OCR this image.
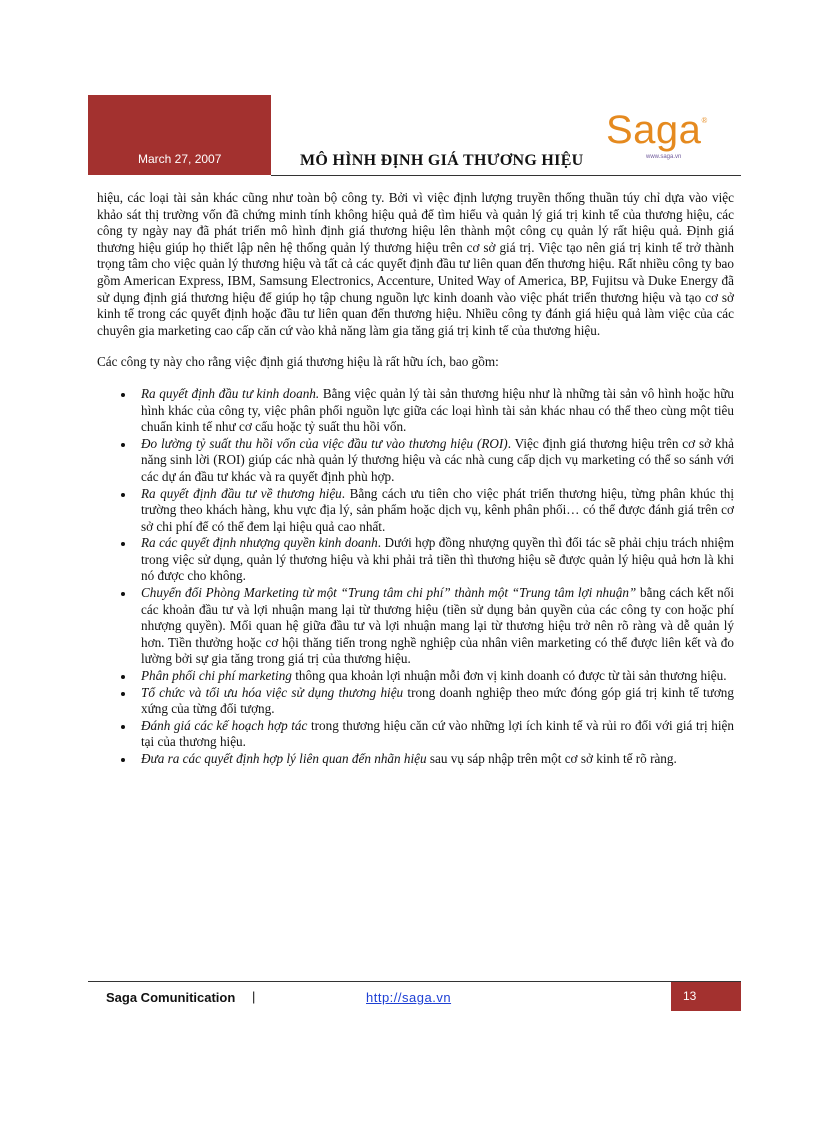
March 27, 2007	MÔ HÌNH ĐỊNH GIÁ THƯƠNG HIỆU
Saga®
www.saga.vn

hiệu, các loại tài sản khác cũng như toàn bộ công ty. Bởi vì việc định lượng truyền thống thuần túy chỉ dựa vào việc khảo sát thị trường vốn đã chứng minh tính không hiệu quả để tìm hiểu và quản lý giá trị kinh tế của thương hiệu, các công ty ngày nay đã phát triển mô hình định giá thương hiệu lên thành một công cụ quản lý rất hiệu quả. Định giá thương hiệu giúp họ thiết lập nên hệ thống quản lý thương hiệu trên cơ sở giá trị. Việc tạo nên giá trị kinh tế trở thành trọng tâm cho việc quản lý thương hiệu và tất cả các quyết định đầu tư liên quan đến thương hiệu. Rất nhiều công ty bao gồm American Express, IBM, Samsung Electronics, Accenture, United Way of America, BP, Fujitsu và Duke Energy đã sử dụng định giá thương hiệu để giúp họ tập chung nguồn lực kinh doanh vào việc phát triển thương hiệu và tạo cơ sở kinh tế trong các quyết định hoặc đầu tư liên quan đến thương hiệu. Nhiều công ty đánh giá hiệu quả làm việc của các chuyên gia marketing cao cấp căn cứ vào khả năng làm gia tăng giá trị kinh tế của thương hiệu.

Các công ty này cho rằng việc định giá thương hiệu là rất hữu ích, bao gồm:

• Ra quyết định đầu tư kinh doanh. Bằng việc quản lý tài sản thương hiệu như là những tài sản vô hình hoặc hữu hình khác của công ty, việc phân phối nguồn lực giữa các loại hình tài sản khác nhau có thể theo cùng một tiêu chuẩn kinh tế như cơ cấu hoặc tỷ suất thu hồi vốn.
• Đo lường tỷ suất thu hồi vốn của việc đầu tư vào thương hiệu (ROI). Việc định giá thương hiệu trên cơ sở khả năng sinh lời (ROI) giúp các nhà quản lý thương hiệu và các nhà cung cấp dịch vụ marketing có thể so sánh với các dự án đầu tư khác và ra quyết định phù hợp.
• Ra quyết định đầu tư về thương hiệu. Bằng cách ưu tiên cho việc phát triển thương hiệu, từng phân khúc thị trường theo khách hàng, khu vực địa lý, sản phẩm hoặc dịch vụ, kênh phân phối… có thể được đánh giá trên cơ sở chi phí để có thể đem lại hiệu quả cao nhất.
• Ra các quyết định nhượng quyền kinh doanh. Dưới hợp đồng nhượng quyền thì đối tác sẽ phải chịu trách nhiệm trong việc sử dụng, quản lý thương hiệu và khi phải trả tiền thì thương hiệu sẽ được quản lý hiệu quả hơn là khi nó được cho không.
• Chuyển đổi Phòng Marketing từ một “Trung tâm chi phí” thành một “Trung tâm lợi nhuận” bằng cách kết nối các khoản đầu tư và lợi nhuận mang lại từ thương hiệu (tiền sử dụng bản quyền của các công ty con hoặc phí nhượng quyền). Mối quan hệ giữa đầu tư và lợi nhuận mang lại từ thương hiệu trở nên rõ ràng và dễ quản lý hơn. Tiền thưởng hoặc cơ hội thăng tiến trong nghề nghiệp của nhân viên marketing có thể được liên kết và đo lường bởi sự gia tăng trong giá trị của thương hiệu.
• Phân phối chi phí marketing thông qua khoản lợi nhuận mỗi đơn vị kinh doanh có được từ tài sản thương hiệu.
• Tổ chức và tối ưu hóa việc sử dụng thương hiệu trong doanh nghiệp theo mức đóng góp giá trị kinh tế tương xứng của từng đối tượng.
• Đánh giá các kế hoạch hợp tác trong thương hiệu căn cứ vào những lợi ích kinh tế và rủi ro đối với giá trị hiện tại của thương hiệu.
• Đưa ra các quyết định hợp lý liên quan đến nhãn hiệu sau vụ sáp nhập trên một cơ sở kinh tế rõ ràng.
Saga Comunitication |	http://saga.vn	13
